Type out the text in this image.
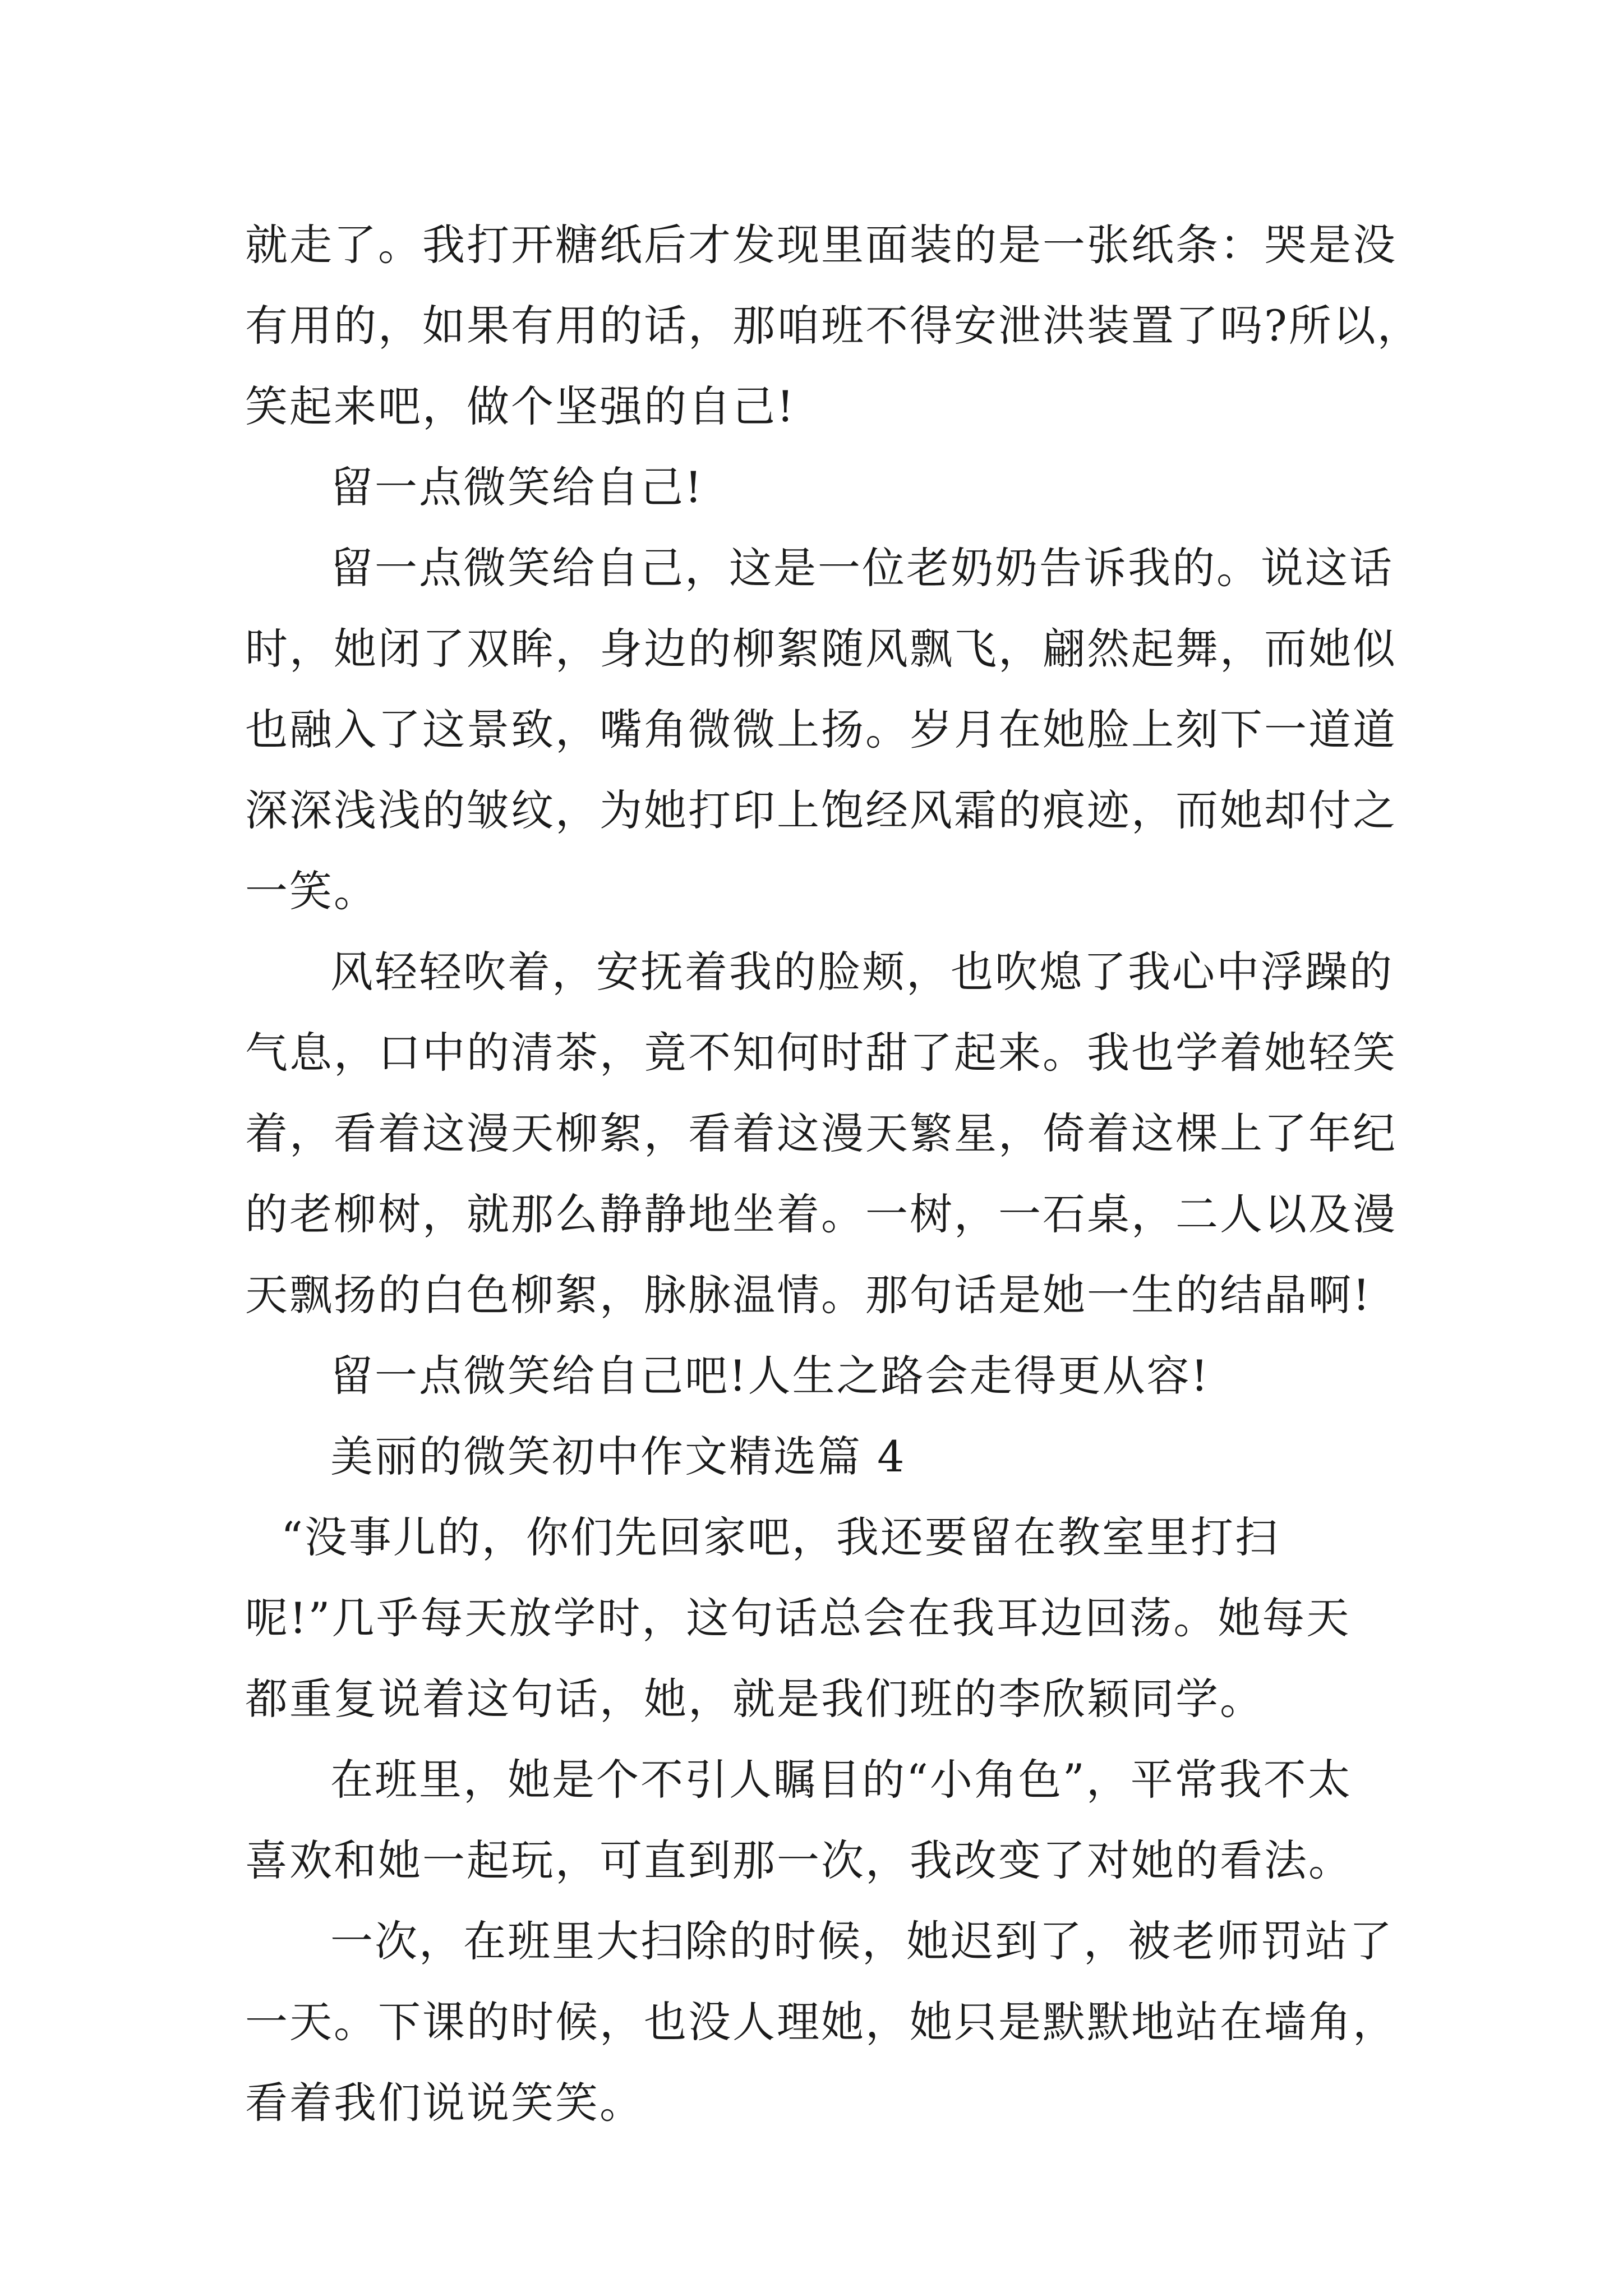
就走了。我打开糖纸后才发现里面装的是一张纸条：哭是没
有用的，如果有用的话，那咱班不得安泄洪装置了吗?所以，
笑起来吧，做个坚强的自己!
留一点微笑给自己!
留一点微笑给自己，这是一位老奶奶告诉我的。说这话
时，她闭了双眸，身边的柳絮随风飘飞，翩然起舞，而她似
也融入了这景致，嘴角微微上扬。岁月在她脸上刻下一道道
深深浅浅的皱纹，为她打印上饱经风霜的痕迹，而她却付之
一笑。
风轻轻吹着，安抚着我的脸颊，也吹熄了我心中浮躁的
气息，口中的清茶，竟不知何时甜了起来。我也学着她轻笑
着，看着这漫天柳絮，看着这漫天繁星，倚着这棵上了年纪
的老柳树，就那么静静地坐着。一树，一石桌，二人以及漫
天飘扬的白色柳絮，脉脉温情。那句话是她一生的结晶啊!
留一点微笑给自己吧!人生之路会走得更从容!
美丽的微笑初中作文精选篇 4
“没事儿的，你们先回家吧，我还要留在教室里打扫
呢!”几乎每天放学时，这句话总会在我耳边回荡。她每天
都重复说着这句话，她，就是我们班的李欣颖同学。
在班里，她是个不引人瞩目的“小角色”，平常我不太
喜欢和她一起玩，可直到那一次，我改变了对她的看法。
一次，在班里大扫除的时候，她迟到了，被老师罚站了
一天。下课的时候，也没人理她，她只是默默地站在墙角，
看着我们说说笑笑。
